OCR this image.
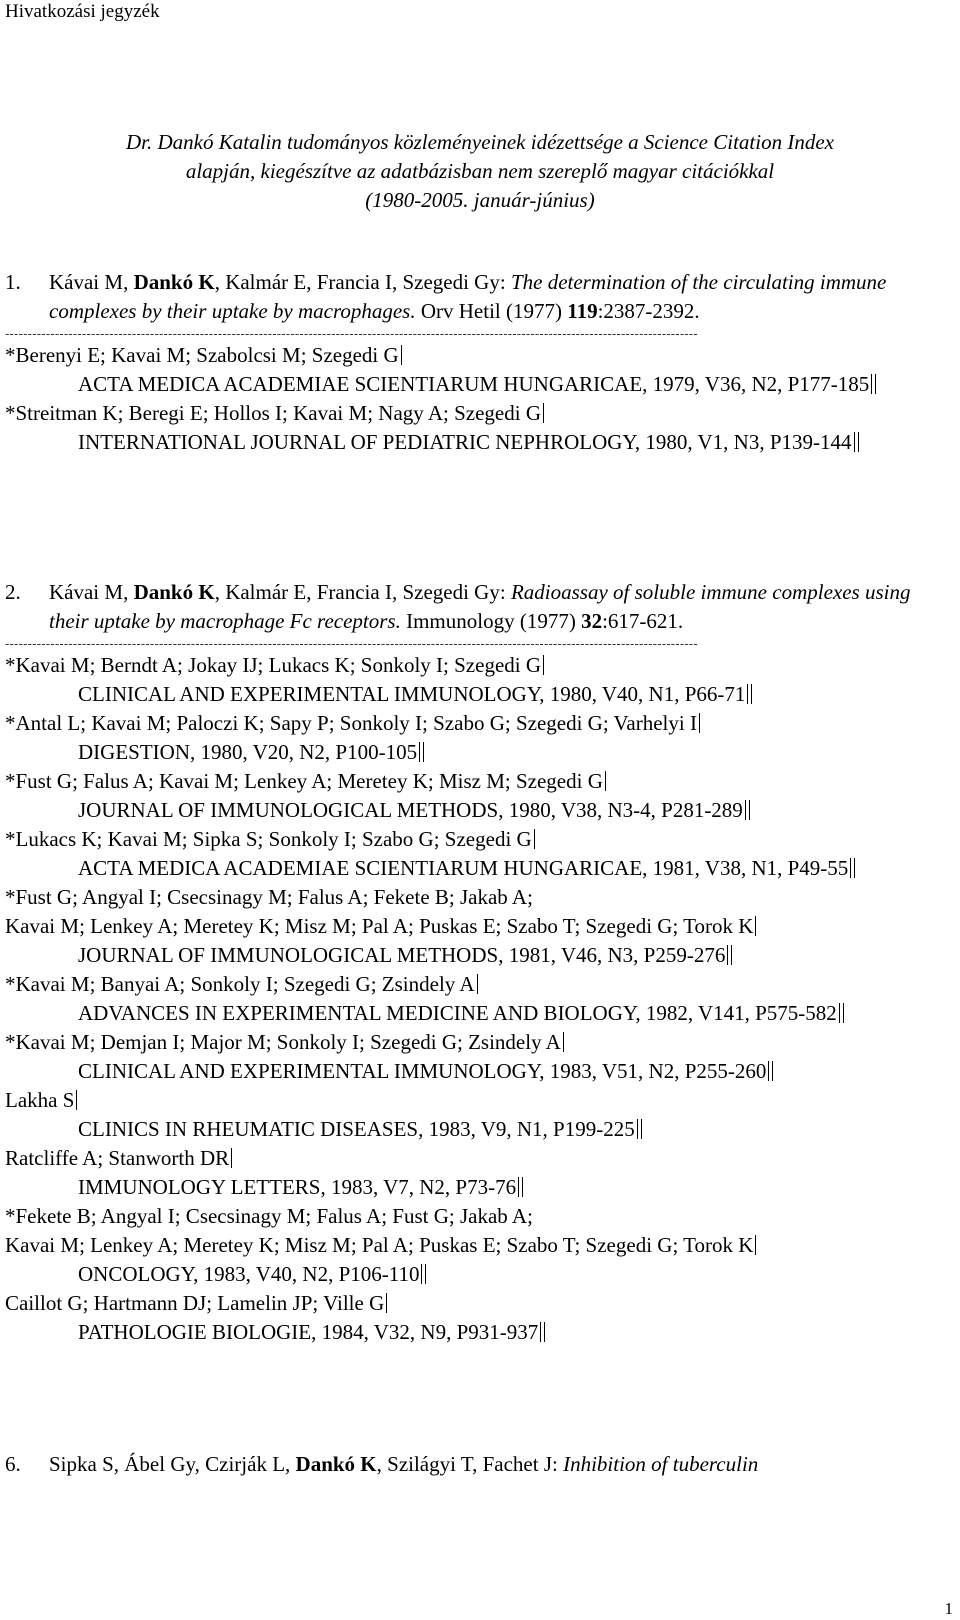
Hivatkozási jegyzék
Dr. Dankó Katalin tudományos közleményeinek idézettsége a Science Citation Index
alapján, kiegészítve az adatbázisban nem szereplő magyar citációkkal
(1980-2005. január-június)

1. Kávai M, Dankó K, Kalmár E, Francia I, Szegedi Gy: The determination of the circulating immune complexes by their uptake by macrophages. Orv Hetil (1977) 119:2387-2392.

---------------------------------------------------------------------------------------------------------------------------------------------------------
*Berenyi E; Kavai M; Szabolcsi M; Szegedi G
ACTA MEDICA ACADEMIAE SCIENTIARUM HUNGARICAE, 1979, V36, N2, P177-185
*Streitman K; Beregi E; Hollos I; Kavai M; Nagy A; Szegedi G
INTERNATIONAL JOURNAL OF PEDIATRIC NEPHROLOGY, 1980, V1, N3, P139-144

2. Kávai M, Dankó K, Kalmár E, Francia I, Szegedi Gy: Radioassay of soluble immune complexes using their uptake by macrophage Fc receptors. Immunology (1977) 32:617-621.

---------------------------------------------------------------------------------------------------------------------------------------------------------
*Kavai M; Berndt A; Jokay IJ; Lukacs K; Sonkoly I; Szegedi G
CLINICAL AND EXPERIMENTAL IMMUNOLOGY, 1980, V40, N1, P66-71
*Antal L; Kavai M; Paloczi K; Sapy P; Sonkoly I; Szabo G; Szegedi G; Varhelyi I
DIGESTION, 1980, V20, N2, P100-105
*Fust G; Falus A; Kavai M; Lenkey A; Meretey K; Misz M; Szegedi G
JOURNAL OF IMMUNOLOGICAL METHODS, 1980, V38, N3-4, P281-289
*Lukacs K; Kavai M; Sipka S; Sonkoly I; Szabo G; Szegedi G
ACTA MEDICA ACADEMIAE SCIENTIARUM HUNGARICAE, 1981, V38, N1, P49-55
*Fust G; Angyal I; Csecsinagy M; Falus A; Fekete B; Jakab A;
Kavai M; Lenkey A; Meretey K; Misz M; Pal A; Puskas E; Szabo T; Szegedi G; Torok K
JOURNAL OF IMMUNOLOGICAL METHODS, 1981, V46, N3, P259-276
*Kavai M; Banyai A; Sonkoly I; Szegedi G; Zsindely A
ADVANCES IN EXPERIMENTAL MEDICINE AND BIOLOGY, 1982, V141, P575-582
*Kavai M; Demjan I; Major M; Sonkoly I; Szegedi G; Zsindely A
CLINICAL AND EXPERIMENTAL IMMUNOLOGY, 1983, V51, N2, P255-260
Lakha S
CLINICS IN RHEUMATIC DISEASES, 1983, V9, N1, P199-225
Ratcliffe A; Stanworth DR
IMMUNOLOGY LETTERS, 1983, V7, N2, P73-76
*Fekete B; Angyal I; Csecsinagy M; Falus A; Fust G; Jakab A;
Kavai M; Lenkey A; Meretey K; Misz M; Pal A; Puskas E; Szabo T; Szegedi G; Torok K
ONCOLOGY, 1983, V40, N2, P106-110
Caillot G; Hartmann DJ; Lamelin JP; Ville G
PATHOLOGIE BIOLOGIE, 1984, V32, N9, P931-937

6. Sipka S, Ábel Gy, Czirják L, Dankó K, Szilágyi T, Fachet J: Inhibition of tuberculin

1
